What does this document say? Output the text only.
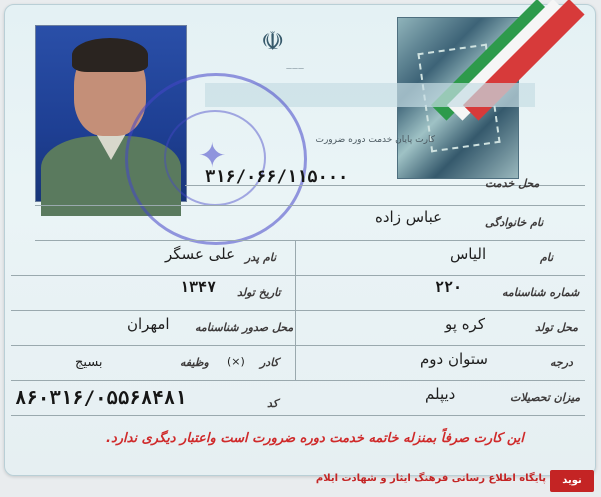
☫
———
کارت پایان خدمت دوره ضرورت
✦
محل خدمت
۳۱۶/۰۶۶/۱۱۵۰۰۰
نام خانوادگی
عباس زاده
نام
الیاس
نام پدر
علی عسگر
شماره شناسنامه
۲۲۰
تاریخ تولد
۱۳۴۷
محل تولد
کره پو
محل صدور شناسنامه
امهران
درجه
ستوان دوم
کادر
(×)
وظیفه
بسیج
میزان تحصیلات
دیپلم
کد
۸۶۰۳۱۶/۰۵۵۶۸۴۸۱
این کارت صرفاً بمنزله خاتمه خدمت دوره ضرورت است واعتبار دیگری ندارد.
پایگاه اطلاع رسانی فرهنگ ایثار و شهادت ایلام	نوید
